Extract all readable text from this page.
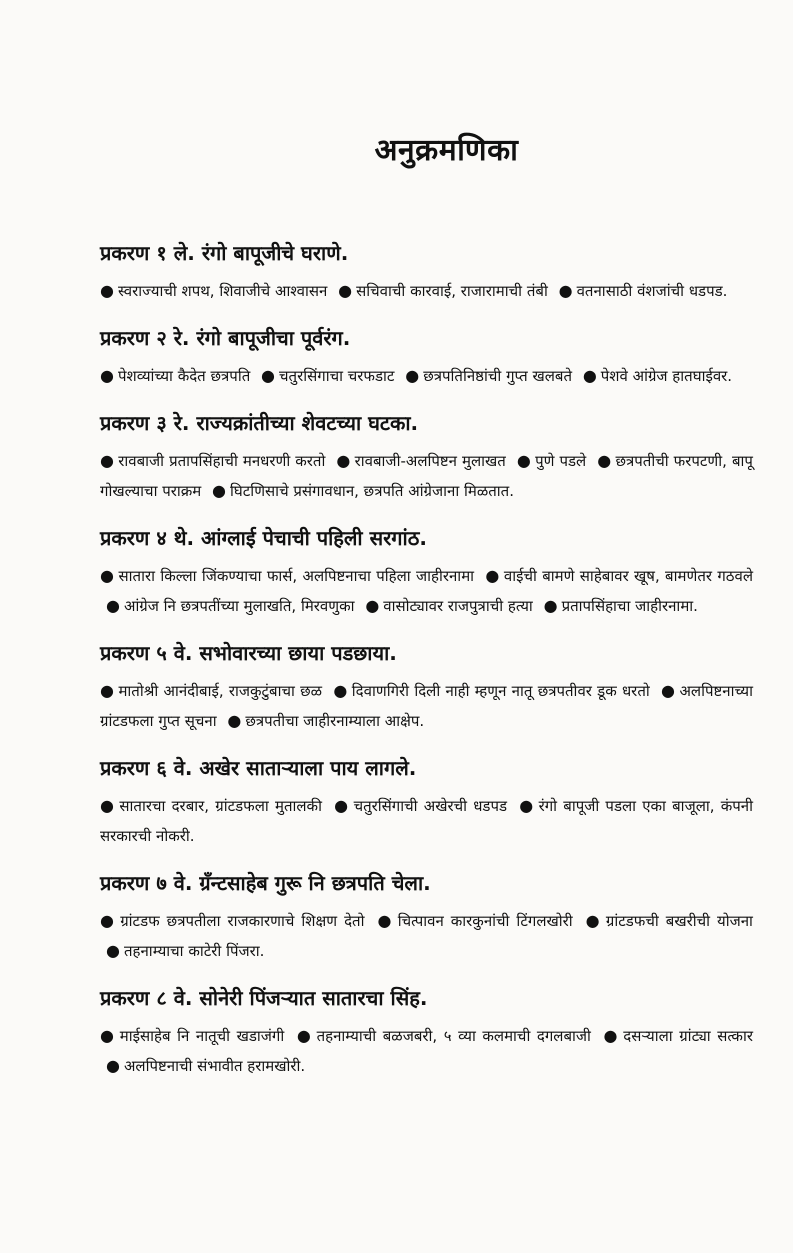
अनुक्रमणिका
प्रकरण १ ले. रंगो बापूजीचे घराणे.

● स्वराज्याची शपथ, शिवाजीचे आश्वासन ● सचिवाची कारवाई, राजारामाची तंबी ● वतनासाठी वंशजांची धडपड.

प्रकरण २ रे. रंगो बापूजीचा पूर्वरंग.

● पेशव्यांच्या कैदेत छत्रपति ● चतुरसिंगाचा चरफडाट ● छत्रपतिनिष्ठांची गुप्त खलबते ● पेशवे आंग्रेज हातघाईवर.

प्रकरण ३ रे. राज्यक्रांतीच्या शेवटच्या घटका.

● रावबाजी प्रतापसिंहाची मनधरणी करतो ● रावबाजी-अलपिष्टन मुलाखत ● पुणे पडले ● छत्रपतीची फरपटणी, बापू गोखल्याचा पराक्रम ● घिटणिसाचे प्रसंगावधान, छत्रपति आंग्रेजाना मिळतात.

प्रकरण ४ थे. आंग्लाई पेचाची पहिली सरगांठ.

● सातारा किल्ला जिंकण्याचा फार्स, अलपिष्टनाचा पहिला जाहीरनामा ● वाईची बामणे साहेबावर खूष, बामणेतर गठवले ● आंग्रेज नि छत्रपतींच्या मुलाखति, मिरवणुका ● वासोट्यावर राजपुत्राची हत्या ● प्रतापसिंहाचा जाहीरनामा.

प्रकरण ५ वे. सभोवारच्या छाया पडछाया.

● मातोश्री आनंदीबाई, राजकुटुंबाचा छळ ● दिवाणगिरी दिली नाही म्हणून नातू छत्रपतीवर डूक धरतो ● अलपिष्टनाच्या ग्रांटडफला गुप्त सूचना ● छत्रपतीचा जाहीरनाम्याला आक्षेप.

प्रकरण ६ वे. अखेर साताऱ्याला पाय लागले.

● सातारचा दरबार, ग्रांटडफला मुतालकी ● चतुरसिंगाची अखेरची धडपड ● रंगो बापूजी पडला एका बाजूला, कंपनी सरकारची नोकरी.

प्रकरण ७ वे. ग्रँन्टसाहेब गुरू नि छत्रपति चेला.

● ग्रांटडफ छत्रपतीला राजकारणाचे शिक्षण देतो ● चित्पावन कारकुनांची टिंगलखोरी ● ग्रांटडफची बखरीची योजना ● तहनाम्याचा काटेरी पिंजरा.

प्रकरण ८ वे. सोनेरी पिंजऱ्यात सातारचा सिंह.

● माईसाहेब नि नातूची खडाजंगी ● तहनाम्याची बळजबरी, ५ व्या कलमाची दगलबाजी ● दसऱ्याला ग्रांट्या सत्कार ● अलपिष्टनाची संभावीत हरामखोरी.
